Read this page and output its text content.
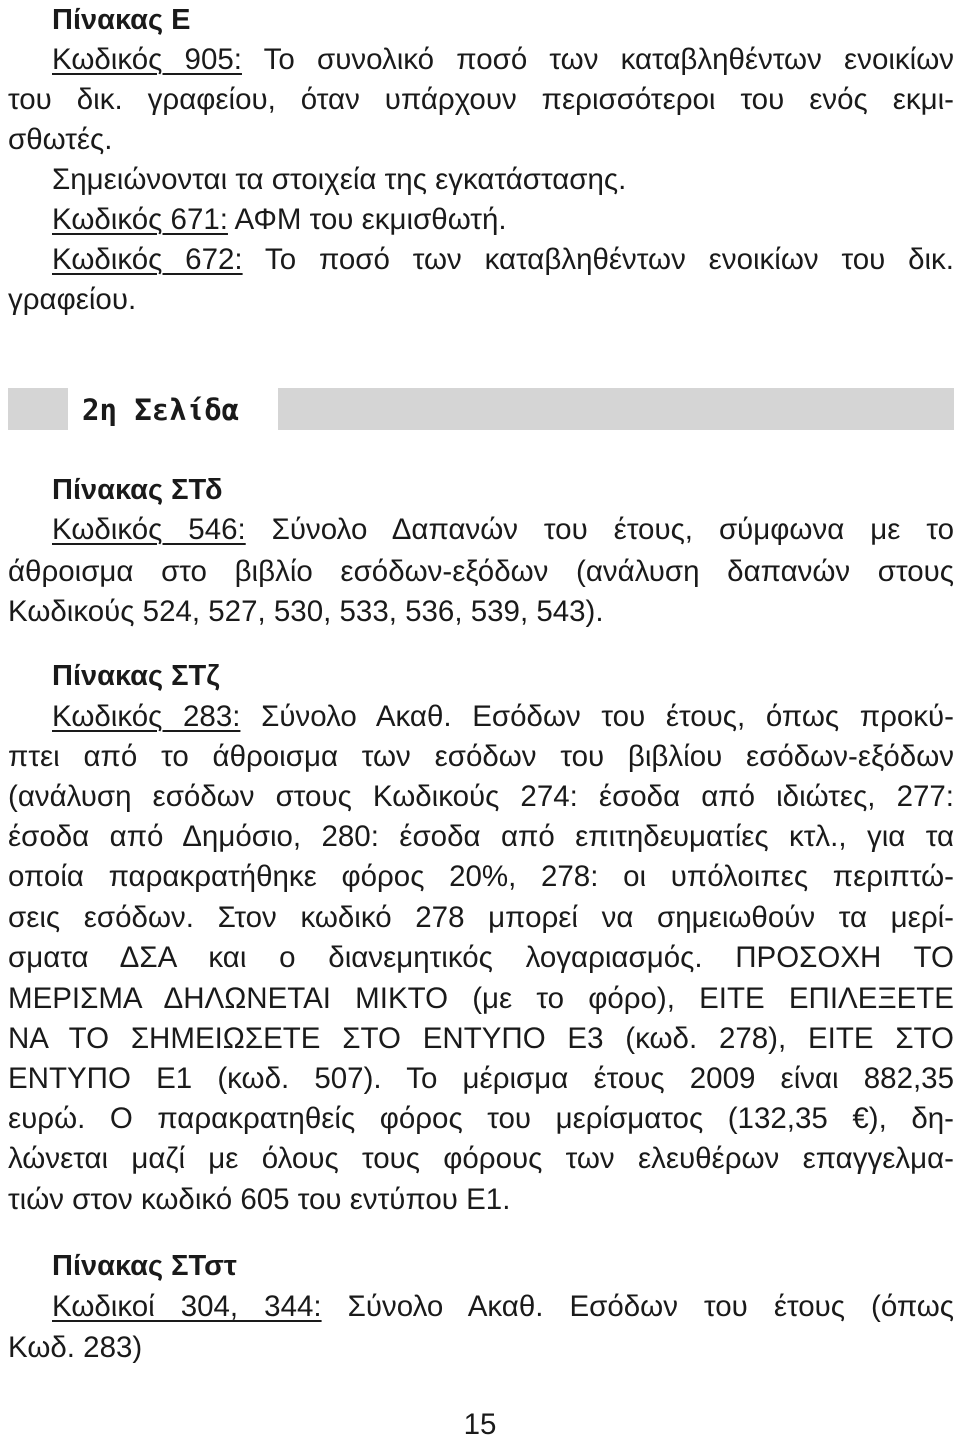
Πίνακας Ε
Κωδικός 905: Το συνολικό ποσό των καταβληθέντων ενοικίων
του δικ. γραφείου, όταν υπάρχουν περισσότεροι του ενός εκμι-
σθωτές.
Σημειώνονται τα στοιχεία της εγκατάστασης.
Κωδικός 671: ΑΦΜ του εκμισθωτή.
Κωδικός 672: Το ποσό των καταβληθέντων ενοικίων του δικ.
γραφείου.
2η Σελίδα
Πίνακας ΣΤδ
Κωδικός 546: Σύνολο Δαπανών του έτους, σύμφωνα με το
άθροισμα στο βιβλίο εσόδων-εξόδων (ανάλυση δαπανών στους
Κωδικούς 524, 527, 530, 533, 536, 539, 543).
Πίνακας ΣΤζ
Κωδικός 283: Σύνολο Ακαθ. Εσόδων του έτους, όπως προκύ-
πτει από το άθροισμα των εσόδων του βιβλίου εσόδων-εξόδων
(ανάλυση εσόδων στους Κωδικούς 274: έσοδα από ιδιώτες, 277:
έσοδα από Δημόσιο, 280: έσοδα από επιτηδευματίες κτλ., για τα
οποία παρακρατήθηκε φόρος 20%, 278: οι υπόλοιπες περιπτώ-
σεις εσόδων. Στον κωδικό 278 μπορεί να σημειωθούν τα μερί-
σματα ΔΣΑ και ο διανεμητικός λογαριασμός. ΠΡΟΣΟΧΗ ΤΟ
ΜΕΡΙΣΜΑ ΔΗΛΩΝΕΤΑΙ ΜΙΚΤΟ (με το φόρο), ΕΙΤΕ ΕΠΙΛΕΞΕΤΕ
ΝΑ ΤΟ ΣΗΜΕΙΩΣΕΤΕ ΣΤΟ ΕΝΤΥΠΟ Ε3 (κωδ. 278), ΕΙΤΕ ΣΤΟ
ΕΝΤΥΠΟ Ε1 (κωδ. 507). Το μέρισμα έτους 2009 είναι 882,35
ευρώ. Ο παρακρατηθείς φόρος του μερίσματος (132,35 €), δη-
λώνεται μαζί με όλους τους φόρους των ελευθέρων επαγγελμα-
τιών στον κωδικό 605 του εντύπου Ε1.
Πίνακας ΣΤστ
Κωδικοί 304, 344: Σύνολο Ακαθ. Εσόδων του έτους (όπως
Κωδ. 283)
15
